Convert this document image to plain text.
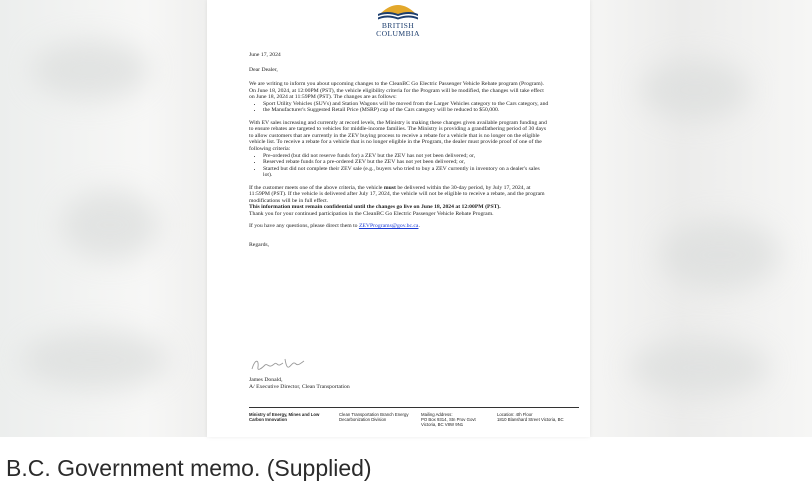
BRITISH
COLUMBIA

June 17, 2024

Dear Dealer,

We are writing to inform you about upcoming changes to the CleanBC Go Electric Passenger Vehicle Rebate program (Program). On June 18, 2024, at 12:00PM (PST), the vehicle eligibility criteria for the Program will be modified, the changes will take effect on June 18, 2024 at 11:59PM (PST). The changes are as follows:

• Sport Utility Vehicles (SUVs) and Station Wagons will be moved from the Larger Vehicles category to the Cars category, and
• the Manufacturer's Suggested Retail Price (MSRP) cap of the Cars category will be reduced to $50,000.

With EV sales increasing and currently at record levels, the Ministry is making these changes given available program funding and to ensure rebates are targeted to vehicles for middle-income families. The Ministry is providing a grandfathering period of 30 days to allow customers that are currently in the ZEV buying process to receive a rebate for a vehicle that is no longer on the eligible vehicle list. To receive a rebate for a vehicle that is no longer eligible in the Program, the dealer must provide proof of one of the following criteria:

• Pre-ordered (but did not reserve funds for) a ZEV but the ZEV has not yet been delivered; or,
• Reserved rebate funds for a pre-ordered ZEV but the ZEV has not yet been delivered; or,
• Started but did not complete their ZEV sale (e.g., buyers who tried to buy a ZEV currently in inventory on a dealer's sales lot).

If the customer meets one of the above criteria, the vehicle must be delivered within the 30-day period, by July 17, 2024, at 11:59PM (PST). If the vehicle is delivered after July 17, 2024, the vehicle will not be eligible to receive a rebate, and the program modifications will be in full effect.

This information must remain confidential until the changes go live on June 18, 2024 at 12:00PM (PST).

Thank you for your continued participation in the CleanBC Go Electric Passenger Vehicle Rebate Program.

If you have any questions, please direct them to ZEVPrograms@gov.bc.ca.

Regards,

James Donald,

A/ Executive Director, Clean Transportation

Ministry of Energy, Mines and Low Carbon Innovation
Clean Transportation Branch Energy Decarbonization Division
Mailing Address:
PO Box 9314, Stn Prov Govt Victoria, BC V8W 9N1
Location: 4th Floor
1810 Blanshard Street Victoria, BC
B.C. Government memo. (Supplied)
